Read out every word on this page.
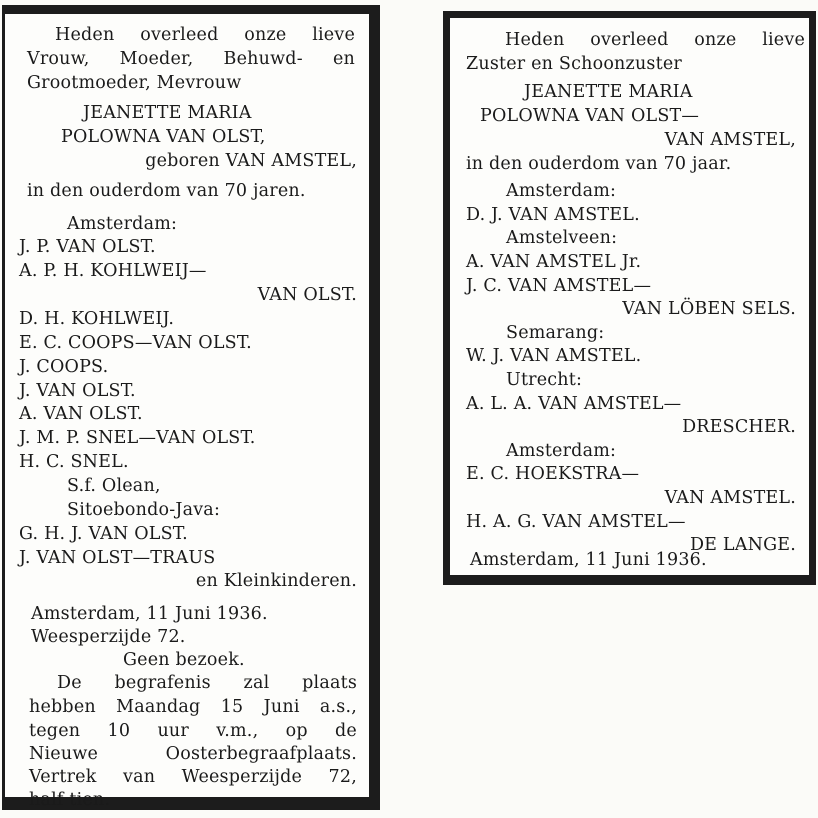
Heden overleed onze lieve
Vrouw, Moeder, Behuwd- en
Grootmoeder, Mevrouw
JEANETTE MARIA
POLOWNA VAN OLST,
geboren VAN AMSTEL,
in den ouderdom van 70 jaren.
Amsterdam:
J. P. VAN OLST.
A. P. H. KOHLWEIJ—
VAN OLST.
D. H. KOHLWEIJ.
E. C. COOPS—VAN OLST.
J. COOPS.
J. VAN OLST.
A. VAN OLST.
J. M. P. SNEL—VAN OLST.
H. C. SNEL.
S.f. Olean,
Sitoebondo-Java:
G. H. J. VAN OLST.
J. VAN OLST—TRAUS
en Kleinkinderen.
Amsterdam, 11 Juni 1936.
Weesperzijde 72.
Geen bezoek.
De begrafenis zal plaats
hebben Maandag 15 Juni a.s.,
tegen 10 uur v.m., op de
Nieuwe Oosterbegraafplaats.
Vertrek van Weesperzijde 72,
half tien.
Heden overleed onze lieve
Zuster en Schoonzuster
JEANETTE MARIA
POLOWNA VAN OLST—
VAN AMSTEL,
in den ouderdom van 70 jaar.
Amsterdam:
D. J. VAN AMSTEL.
Amstelveen:
A. VAN AMSTEL Jr.
J. C. VAN AMSTEL—
VAN LÖBEN SELS.
Semarang:
W. J. VAN AMSTEL.
Utrecht:
A. L. A. VAN AMSTEL—
DRESCHER.
Amsterdam:
E. C. HOEKSTRA—
VAN AMSTEL.
H. A. G. VAN AMSTEL—
DE LANGE.
Amsterdam, 11 Juni 1936.
